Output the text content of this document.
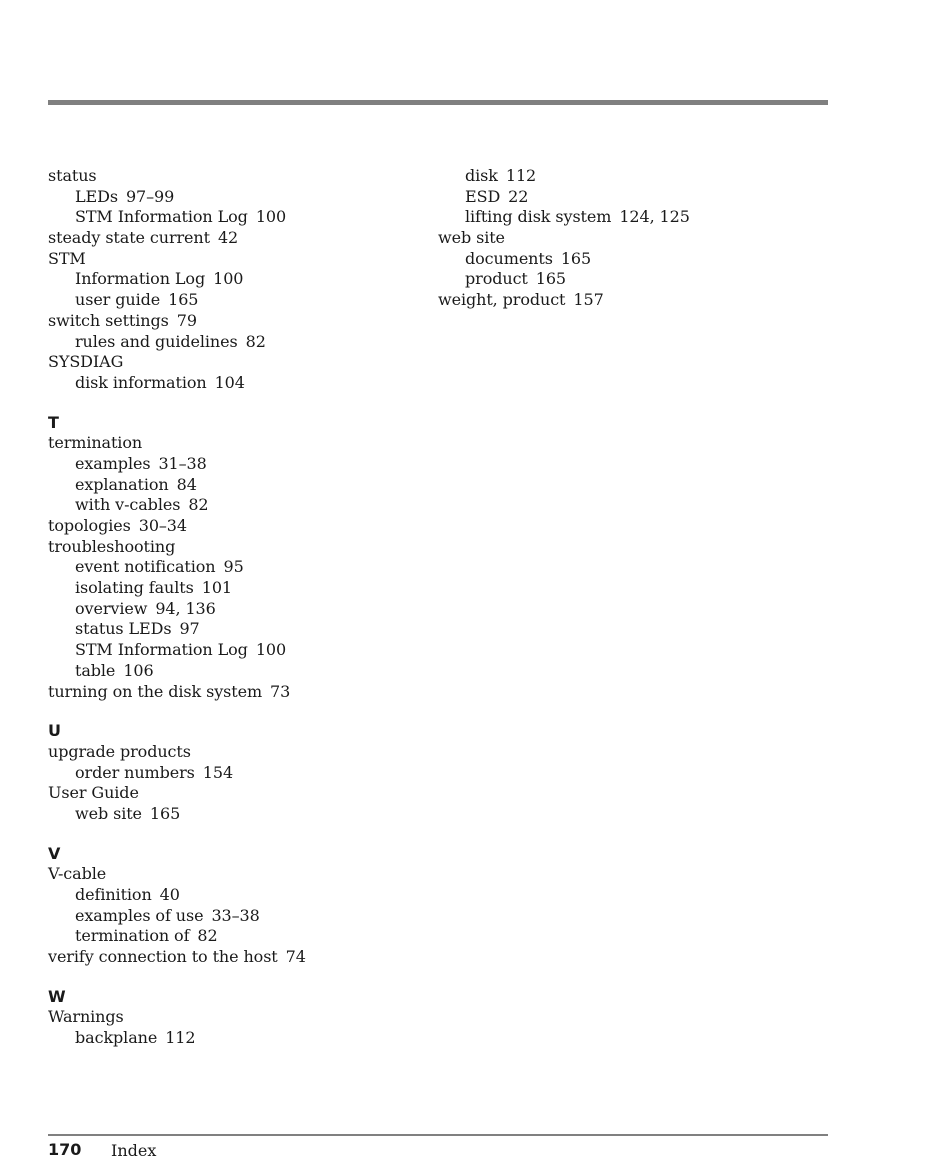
status
LEDs 97–99
STM Information Log 100
steady state current 42
STM
Information Log 100
user guide 165
switch settings 79
rules and guidelines 82
SYSDIAG
disk information 104
T
termination
examples 31–38
explanation 84
with v-cables 82
topologies 30–34
troubleshooting
event notification 95
isolating faults 101
overview 94, 136
status LEDs 97
STM Information Log 100
table 106
turning on the disk system 73
U
upgrade products
order numbers 154
User Guide
web site 165
V
V-cable
definition 40
examples of use 33–38
termination of 82
verify connection to the host 74
W
Warnings
backplane 112
disk 112
ESD 22
lifting disk system 124, 125
web site
documents 165
product 165
weight, product 157
170 Index
